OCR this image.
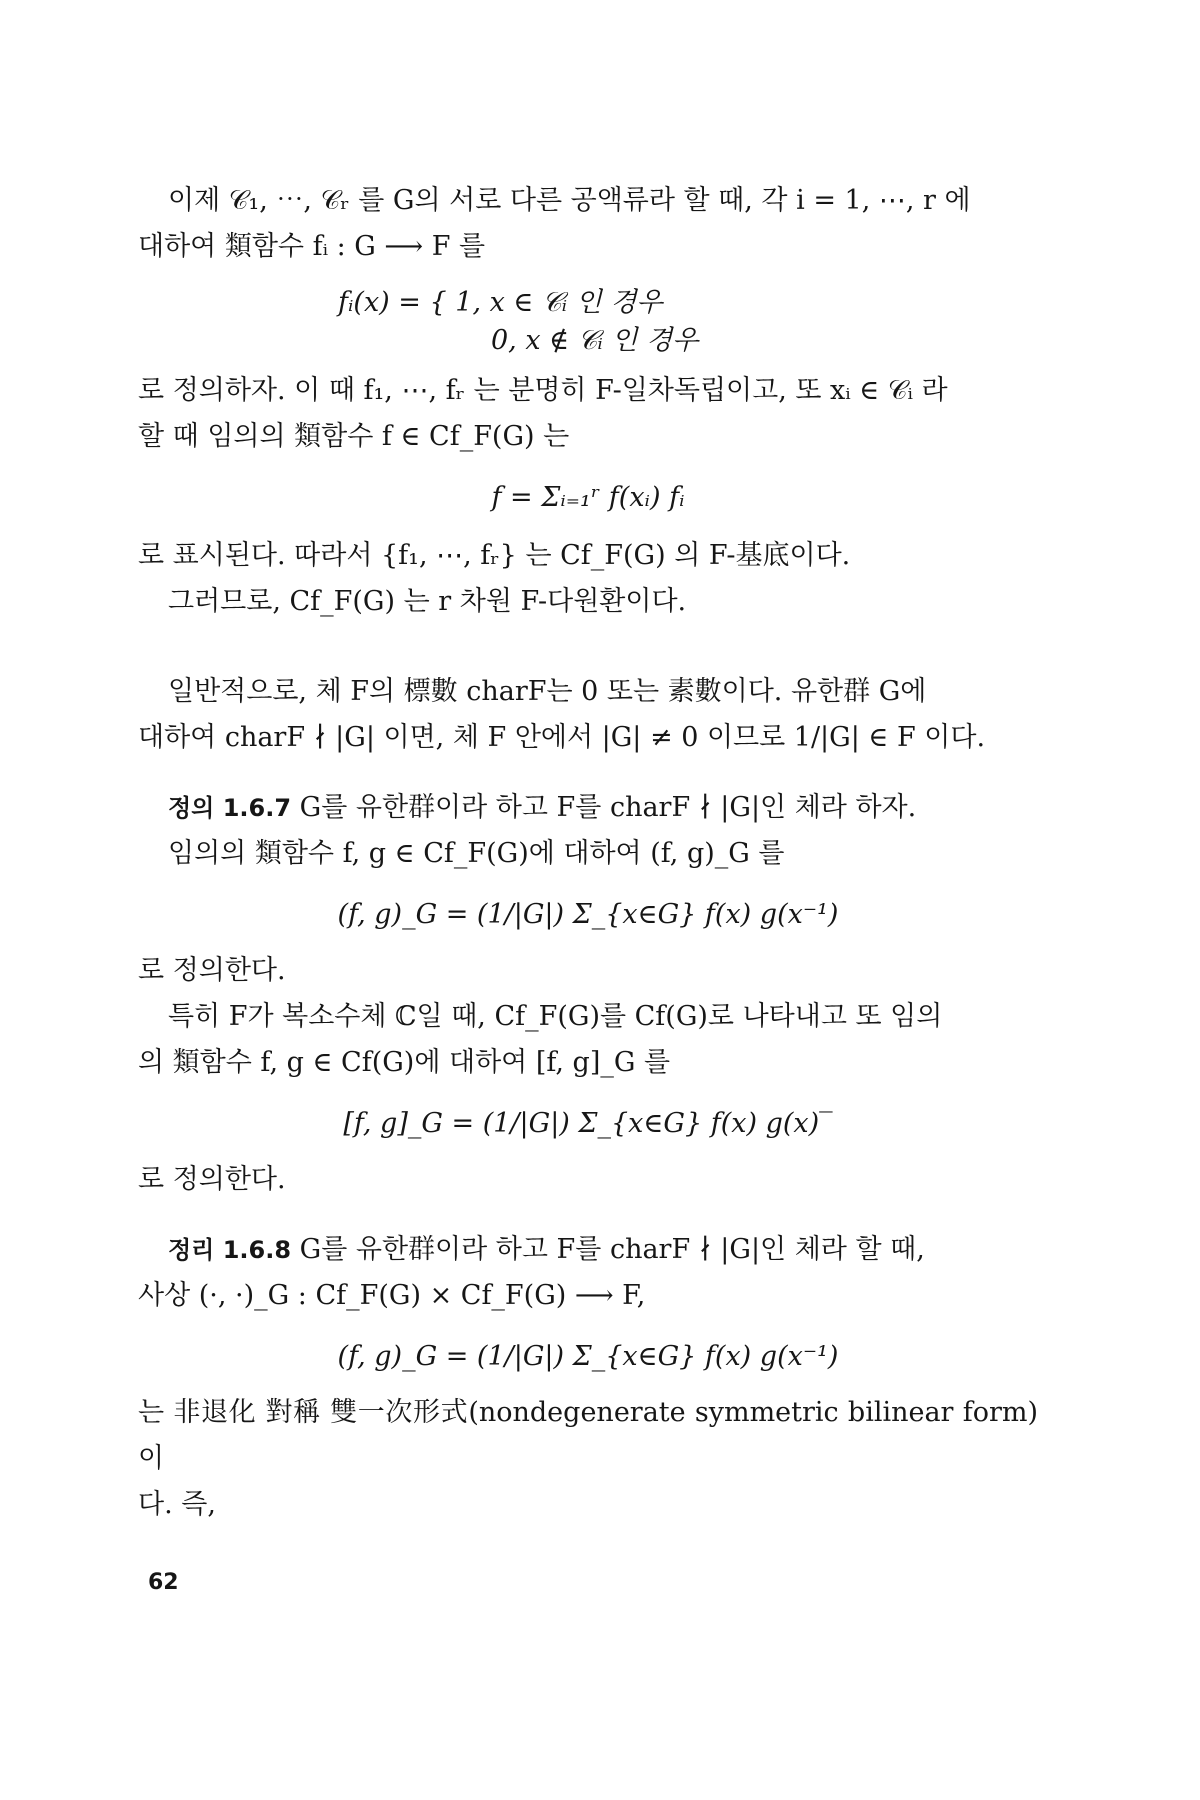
이제 𝒞₁, ⋯, 𝒞ᵣ 를 G의 서로 다른 공액류라 할 때, 각 i = 1, ⋯, r 에

대하여 類함수 fᵢ : G ⟶ F 를

fᵢ(x) = { 1, x ∈ 𝒞ᵢ 인 경우
0, x ∉ 𝒞ᵢ 인 경우

로 정의하자. 이 때 f₁, ⋯, fᵣ 는 분명히 F-일차독립이고, 또 xᵢ ∈ 𝒞ᵢ 라

할 때 임의의 類함수 f ∈ Cf_F(G) 는

f = Σᵢ₌₁ʳ f(xᵢ) fᵢ

로 표시된다. 따라서 {f₁, ⋯, fᵣ} 는 Cf_F(G) 의 F-基底이다.

그러므로, Cf_F(G) 는 r 차원 F-다원환이다.

일반적으로, 체 F의 標數 charF는 0 또는 素數이다. 유한群 G에

대하여 charF ∤ |G| 이면, 체 F 안에서 |G| ≠ 0 이므로 1/|G| ∈ F 이다.

정의 1.6.7 G를 유한群이라 하고 F를 charF ∤ |G|인 체라 하자.

임의의 類함수 f, g ∈ Cf_F(G)에 대하여 (f, g)_G 를

(f, g)_G = (1/|G|) Σ_{x∈G} f(x) g(x⁻¹)

로 정의한다.

특히 F가 복소수체 ℂ일 때, Cf_F(G)를 Cf(G)로 나타내고 또 임의

의 類함수 f, g ∈ Cf(G)에 대하여 [f, g]_G 를

[f, g]_G = (1/|G|) Σ_{x∈G} f(x) g(x)‾

로 정의한다.

정리 1.6.8 G를 유한群이라 하고 F를 charF ∤ |G|인 체라 할 때,

사상 (·, ·)_G : Cf_F(G) × Cf_F(G) ⟶ F,

(f, g)_G = (1/|G|) Σ_{x∈G} f(x) g(x⁻¹)

는 非退化 對稱 雙一次形式(nondegenerate symmetric bilinear form)이

다. 즉,

62
